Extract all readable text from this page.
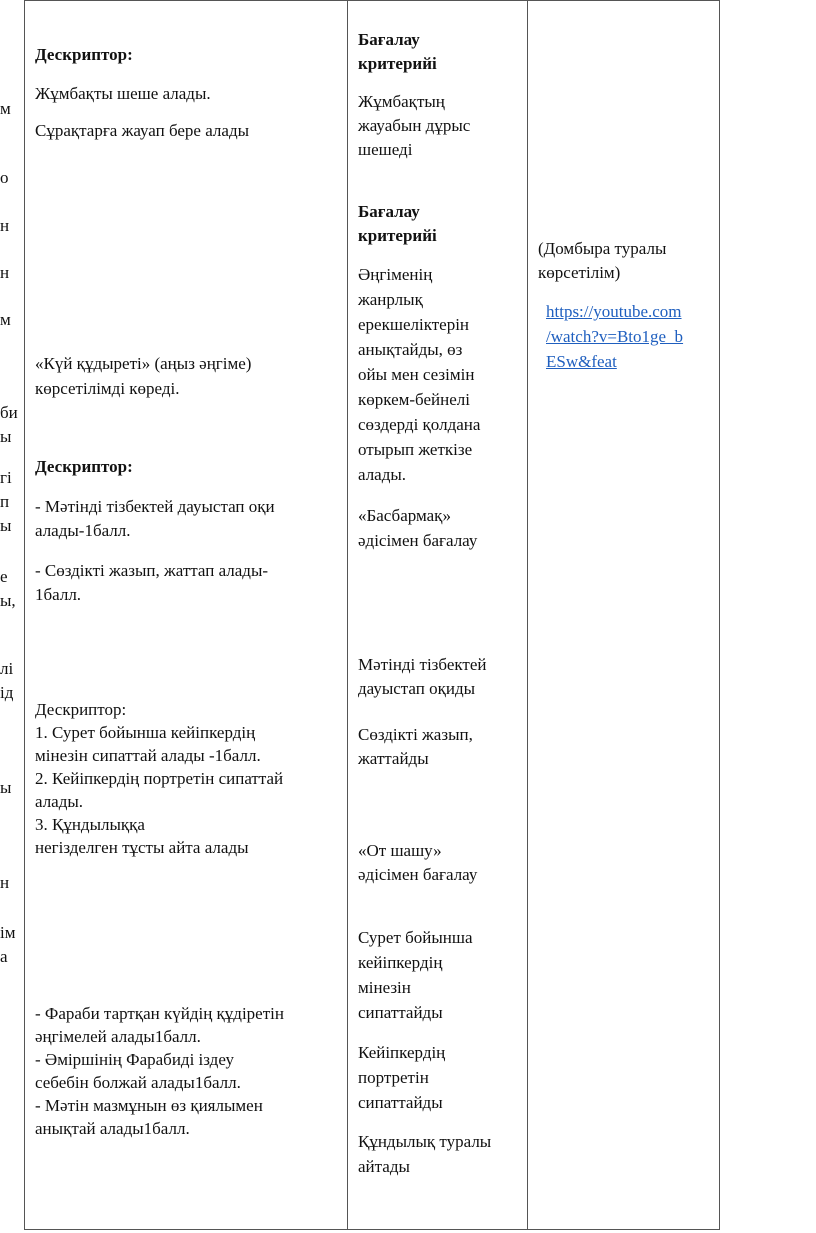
м
о
н
н
м
би
ы
гі
п
ы
е
ы,
лі
ід
ы
н
ім
а

Дескриптор:

Жұмбақты шеше алады.

Сұрақтарға жауап бере алады

«Күй құдыреті» (аңыз әңгіме)

көрсетілімді көреді.

Дескриптор:

- Мәтінді тізбектей дауыстап оқи

алады-1балл.

- Сөздікті жазып, жаттап алады-

1балл.

Дескриптор:

1. Сурет бойынша кейіпкердің

мінезін сипаттай алады -1балл.

2. Кейіпкердің портретін сипаттай

алады.

3. Құндылыққа

негізделген тұсты айта алады

- Фараби тартқан күйдің құдіретін

әңгімелей алады1балл.

- Әміршінің Фарабиді іздеу

себебін болжай алады1балл.

- Мәтін мазмұнын өз қиялымен

анықтай алады1балл.

Бағалау

критерийі

Жұмбақтың

жауабын дұрыс

шешеді

Бағалау

критерийі

Әңгіменің

жанрлық

ерекшеліктерін

анықтайды, өз

ойы мен сезімін

көркем-бейнелі

сөздерді қолдана

отырып жеткізе

алады.

«Басбармақ»

әдісімен бағалау

Мәтінді тізбектей

дауыстап оқиды

Сөздікті жазып,

жаттайды

«От шашу»

әдісімен бағалау

Сурет бойынша

кейіпкердің

мінезін

сипаттайды

Кейіпкердің

портретін

сипаттайды

Құндылық туралы

айтады

(Домбыра туралы

көрсетілім)

https://youtube.com
/watch?v=Bto1ge_b
ESw&feat
